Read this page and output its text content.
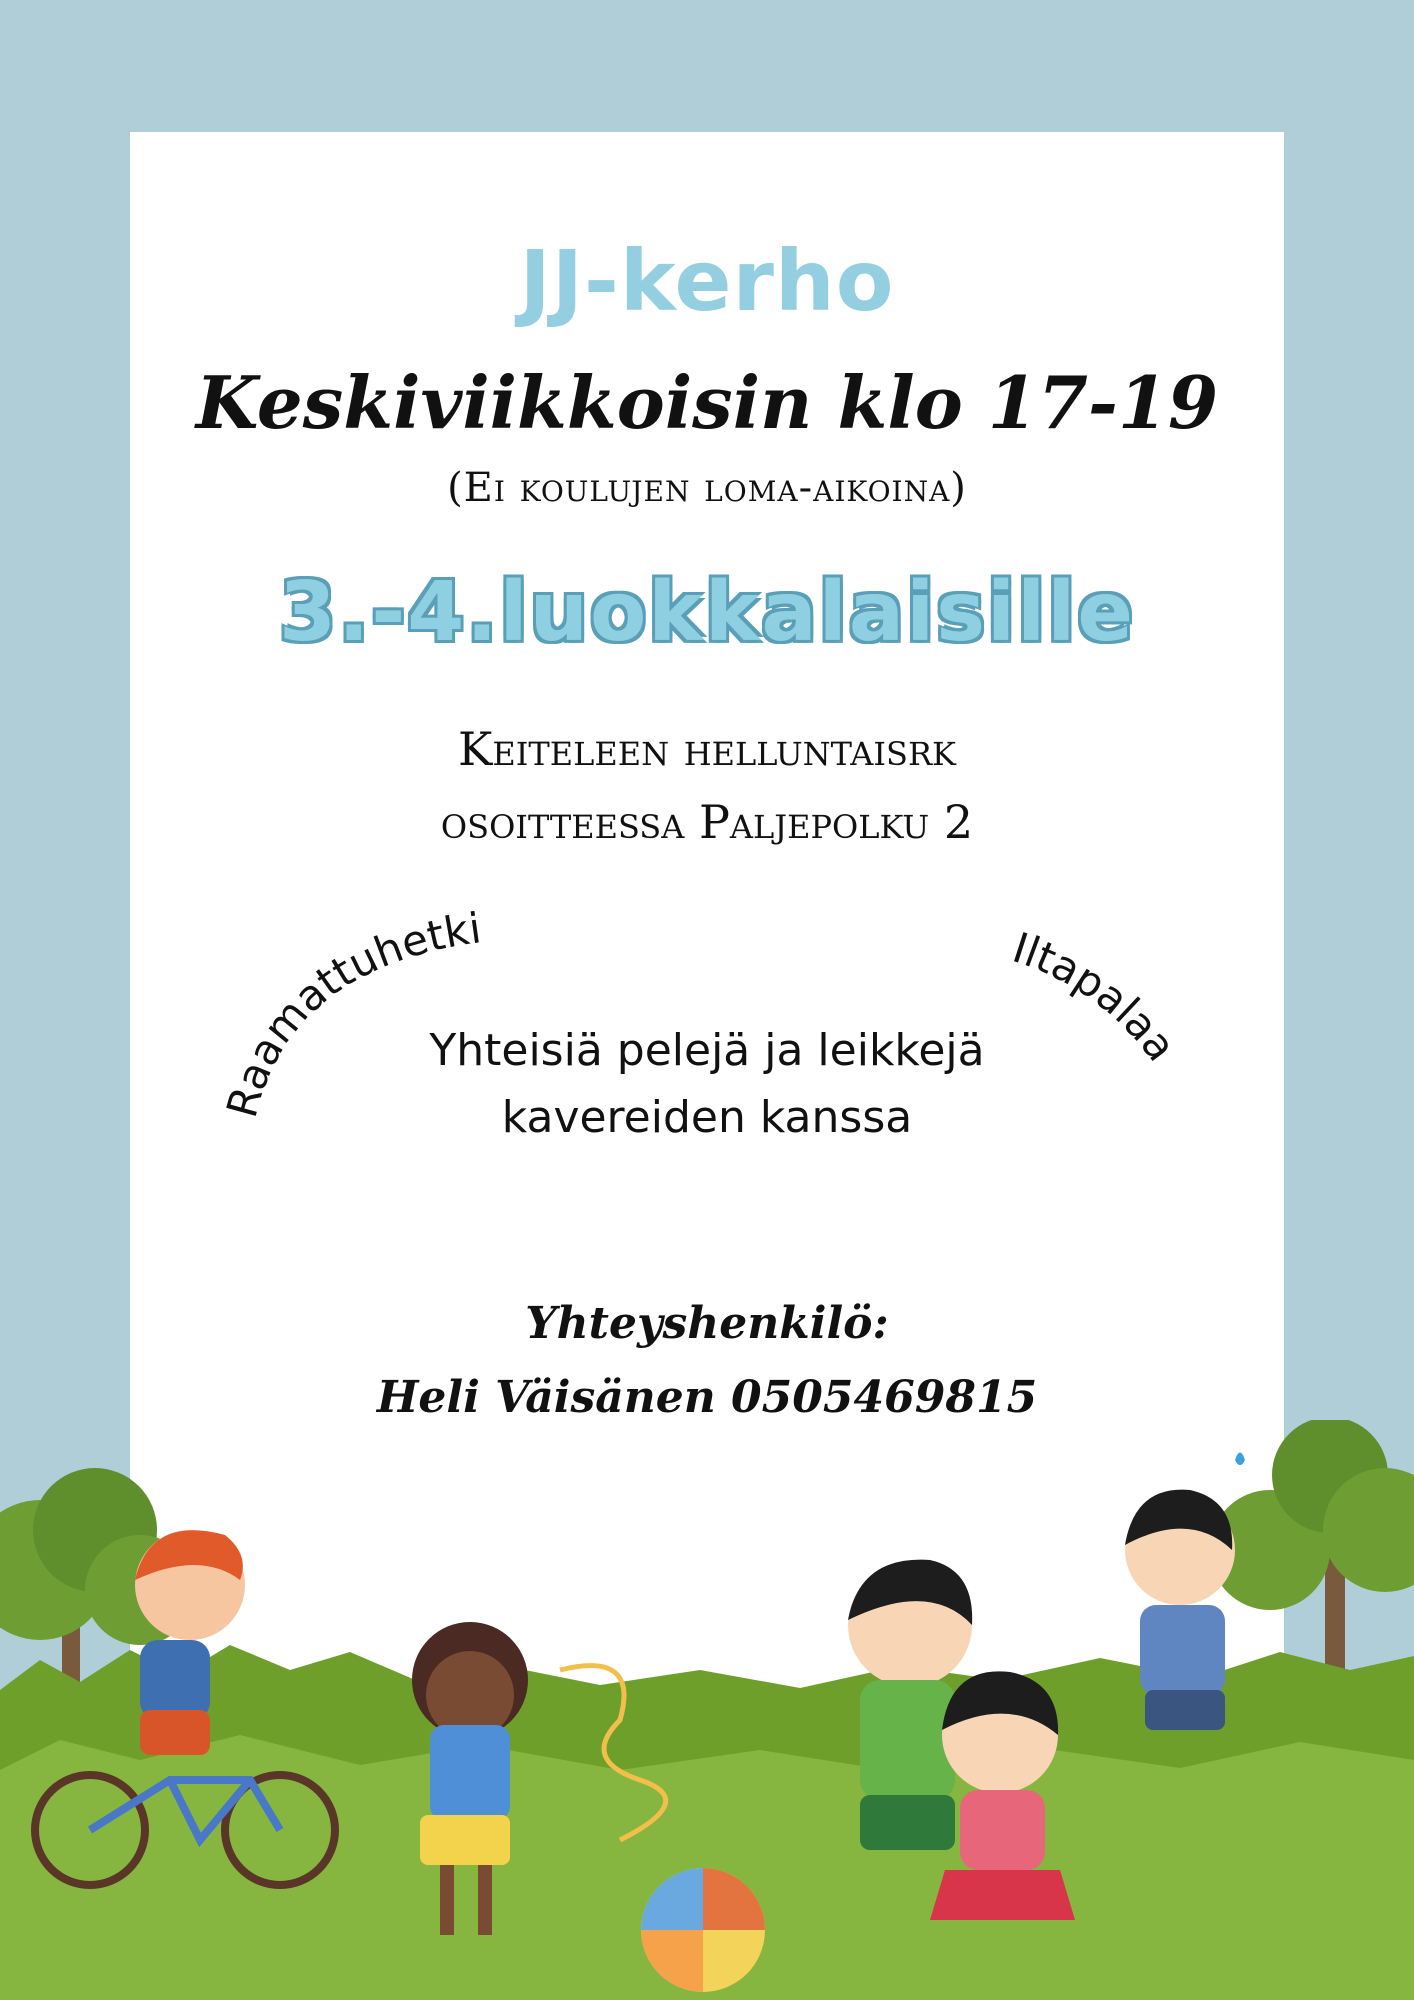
JJ-kerho
Keskiviikkoisin klo 17-19
(Ei koulujen loma-aikoina)
3.-4.luokkalaisille
Keiteleen helluntaisrk
osoitteessa Paljepolku 2
Raamattuhetki	Iltapalaa
Yhteisiä pelejä ja leikkejä
kavereiden kanssa
Yhteyshenkilö:
Heli Väisänen 0505469815
